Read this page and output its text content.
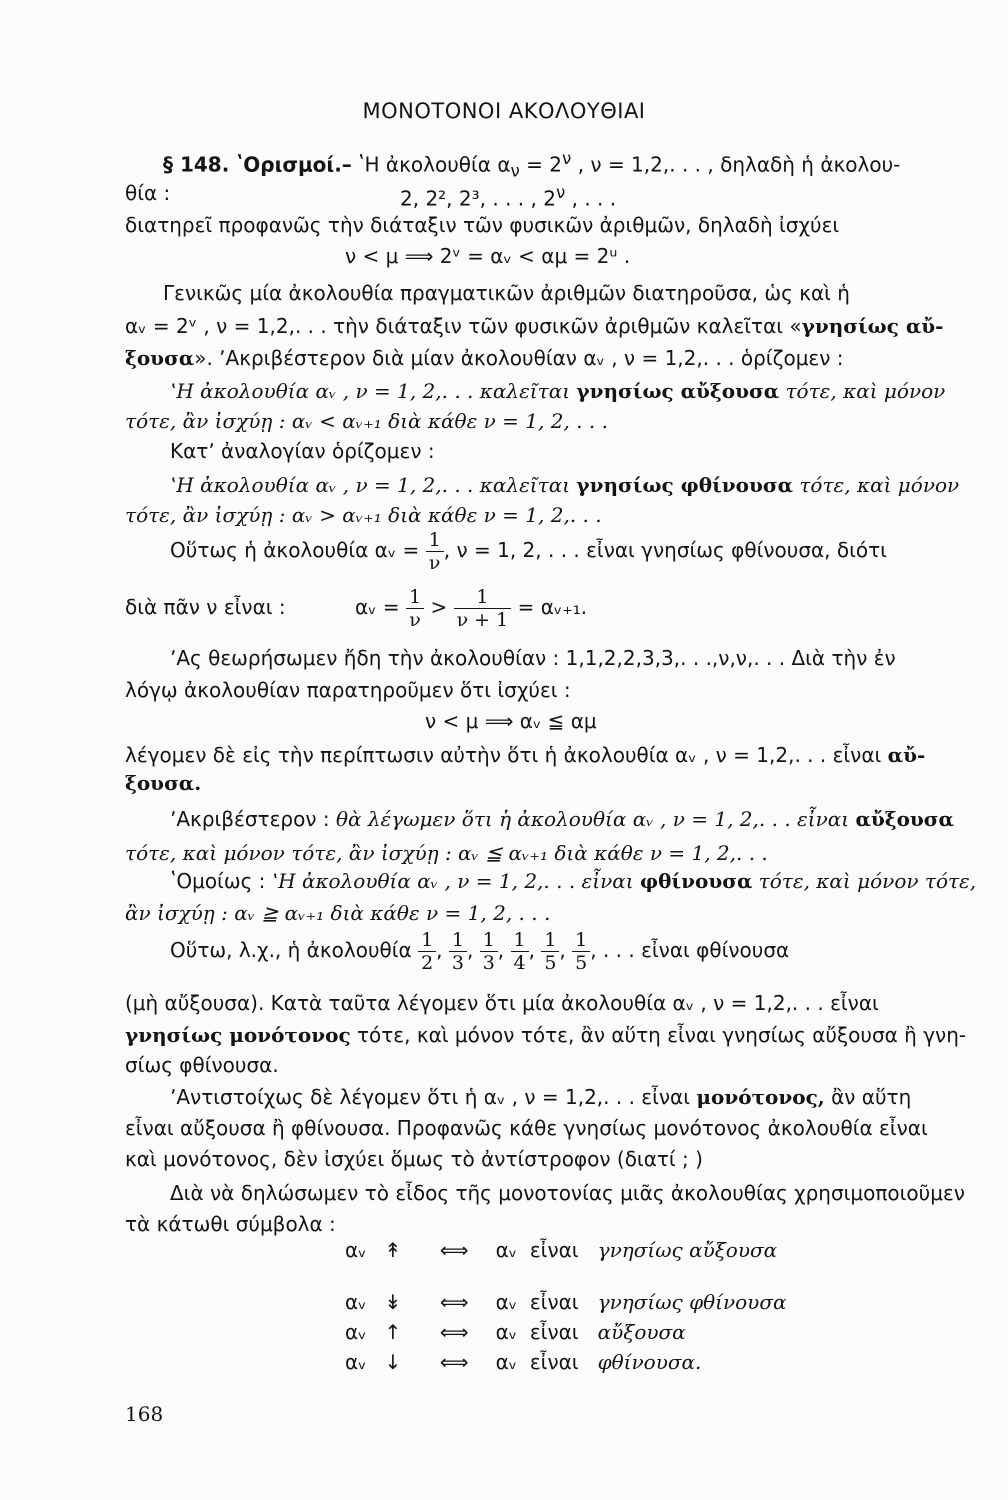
ΜΟΝΟΤΟΝΟΙ ΑΚΟΛΟΥΘΙΑΙ
§ 148. ʽΟρισμοί.– ʽΗ ἀκολουθία $\alpha_\nu = 2^\nu$ , ν = 1,2,. . . , δηλαδὴ ἡ ἀκολου-
θία :	2, 2², 2³, . . . , $2^\nu$ , . . .
διατηρεῖ προφανῶς τὴν διάταξιν τῶν φυσικῶν ἀριθμῶν, δηλαδὴ ἰσχύει
ν < μ ⟹ 2ᵛ = αᵥ < αμ = 2ᵘ .
Γενικῶς μία ἀκολουθία πραγματικῶν ἀριθμῶν διατηροῦσα, ὡς καὶ ἡ
αᵥ = 2ᵛ , ν = 1,2,. . . τὴν διάταξιν τῶν φυσικῶν ἀριθμῶν καλεῖται «γνησίως αὔ-
ξουσα». ʼΑκριβέστερον διὰ μίαν ἀκολουθίαν αᵥ , ν = 1,2,. . . ὁρίζομεν :
ʽΗ ἀκολουθία αᵥ , ν = 1, 2,. . . καλεῖται γνησίως αὔξουσα τότε, καὶ μόνον
τότε, ἂν ἰσχύῃ : αᵥ < αᵥ₊₁ διὰ κάθε ν = 1, 2, . . .
Κατʼ ἀναλογίαν ὁρίζομεν :
ʽΗ ἀκολουθία αᵥ , ν = 1, 2,. . . καλεῖται γνησίως φθίνουσα τότε, καὶ μόνον
τότε, ἂν ἰσχύῃ : αᵥ > αᵥ₊₁ διὰ κάθε ν = 1, 2,. . .
Οὕτως ἡ ἀκολουθία αᵥ = $\frac{1}{\nu}$ , ν = 1, 2, . . . εἶναι γνησίως φθίνουσα, διότι
διὰ πᾶν ν εἶναι :	αᵥ = $\frac{1}{\nu} > \frac{1}{\nu + 1}$ = αᵥ₊₁.
ʼΑς θεωρήσωμεν ἤδη τὴν ἀκολουθίαν : 1,1,2,2,3,3,. . .,ν,ν,. . . Διὰ τὴν ἐν
λόγῳ ἀκολουθίαν παρατηροῦμεν ὅτι ἰσχύει :
ν < μ ⟹ αᵥ ≦ αμ
λέγομεν δὲ εἰς τὴν περίπτωσιν αὐτὴν ὅτι ἡ ἀκολουθία αᵥ , ν = 1,2,. . . εἶναι αὔ-
ξουσα.
ʼΑκριβέστερον : θὰ λέγωμεν ὅτι ἡ ἀκολουθία αᵥ , ν = 1, 2,. . . εἶναι αὔξουσα
τότε, καὶ μόνον τότε, ἂν ἰσχύῃ : αᵥ ≦ αᵥ₊₁ διὰ κάθε ν = 1, 2,. . .
ʽΟμοίως : ʽΗ ἀκολουθία αᵥ , ν = 1, 2,. . . εἶναι φθίνουσα τότε, καὶ μόνον τότε,
ἂν ἰσχύῃ : αᵥ ≧ αᵥ₊₁ διὰ κάθε ν = 1, 2, . . .
Οὕτω, λ.χ., ἡ ἀκολουθία $\frac{1}{2}$ , $\frac{1}{3}$ , $\frac{1}{3}$ , $\frac{1}{4}$ , $\frac{1}{5}$ , $\frac{1}{5}$ , . . . εἶναι φθίνουσα
(μὴ αὔξουσα). Κατὰ ταῦτα λέγομεν ὅτι μία ἀκολουθία αᵥ , ν = 1,2,. . . εἶναι
γνησίως μονότονος τότε, καὶ μόνον τότε, ἂν αὕτη εἶναι γνησίως αὔξουσα ἢ γνη-
σίως φθίνουσα.
ʼΑντιστοίχως δὲ λέγομεν ὅτι ἡ αᵥ , ν = 1,2,. . . εἶναι μονότονος, ἂν αὕτη
εἶναι αὔξουσα ἢ φθίνουσα. Προφανῶς κάθε γνησίως μονότονος ἀκολουθία εἶναι
καὶ μονότονος, δὲν ἰσχύει ὅμως τὸ ἀντίστροφον (διατί ; )
Διὰ νὰ δηλώσωμεν τὸ εἶδος τῆς μονοτονίας μιᾶς ἀκολουθίας χρησιμοποιοῦμεν
τὰ κάτωθι σύμβολα :
αᵥ ↟ ⟺ αᵥ εἶναι γνησίως αὔξουσα
αᵥ ↡ ⟺ αᵥ εἶναι γνησίως φθίνουσα
αᵥ ↑ ⟺ αᵥ εἶναι αὔξουσα
αᵥ ↓ ⟺ αᵥ εἶναι φθίνουσα.
168
